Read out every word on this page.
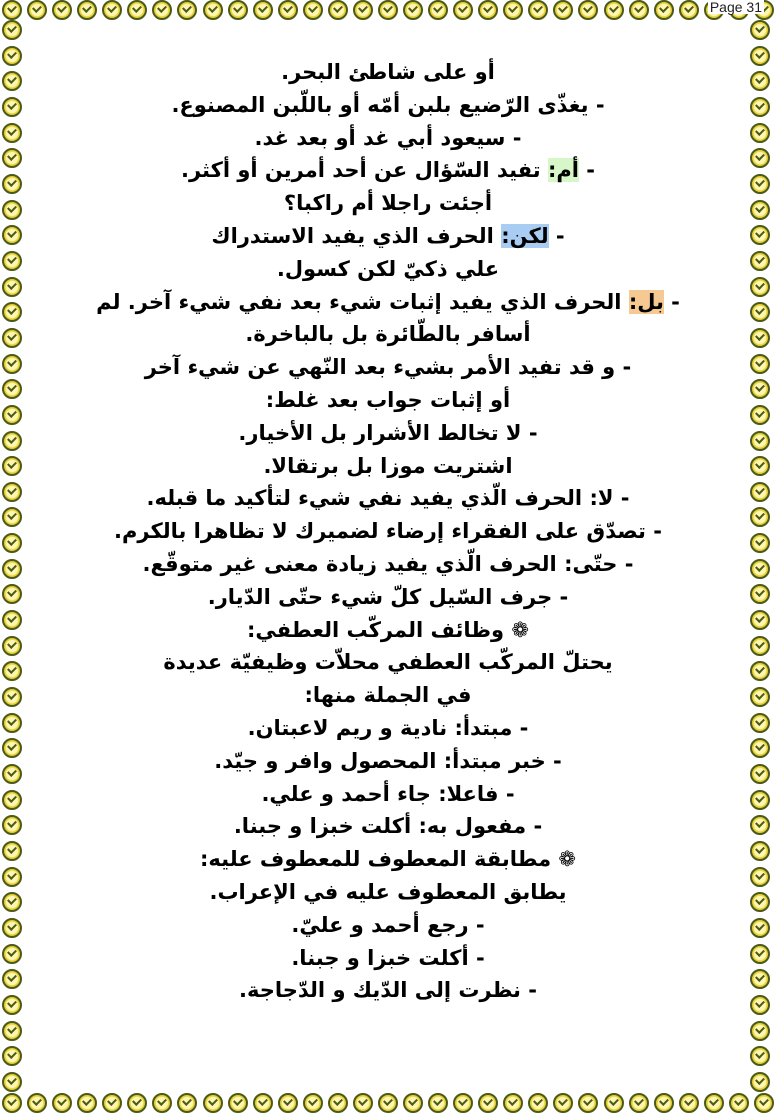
Page 31

أو على شاطئ البحر.

- يغذّى الرّضيع بلبن أمّه أو باللّبن المصنوع.

- سيعود أبي غد أو بعد غد.

- أم: تفيد السّؤال عن أحد أمرين أو أكثر.

أجئت راجلا أم راكبا؟

- لكن: الحرف الذي يفيد الاستدراك

علي ذكيّ لكن كسول.

- بل: الحرف الذي يفيد إثبات شيء بعد نفي شيء آخر. لم

أسافر بالطّائرة بل بالباخرة.

- و قد تفيد الأمر بشيء بعد النّهي عن شيء آخر

أو إثبات جواب بعد غلط:

- لا تخالط الأشرار بل الأخيار.

اشتريت موزا بل برتقالا.

- لا: الحرف الّذي يفيد نفي شيء لتأكيد ما قبله.

- تصدّق على الفقراء إرضاء لضميرك لا تظاهرا بالكرم.

- حتّى: الحرف الّذي يفيد زيادة معنى غير متوقّع.

- جرف السّيل كلّ شيء حتّى الدّيار.

❁ وظائف المركّب العطفي:

يحتلّ المركّب العطفي محلاّت وظيفيّة عديدة

في الجملة منها:

- مبتدأ: نادية و ريم لاعبتان.

- خبر مبتدأ: المحصول وافر و جيّد.

- فاعلا: جاء أحمد و علي.

- مفعول به: أكلت خبزا و جبنا.

❁ مطابقة المعطوف للمعطوف عليه:

يطابق المعطوف عليه في الإعراب.

- رجع أحمد و عليّ.

- أكلت خبزا و جبنا.

- نظرت إلى الدّيك و الدّجاجة.
